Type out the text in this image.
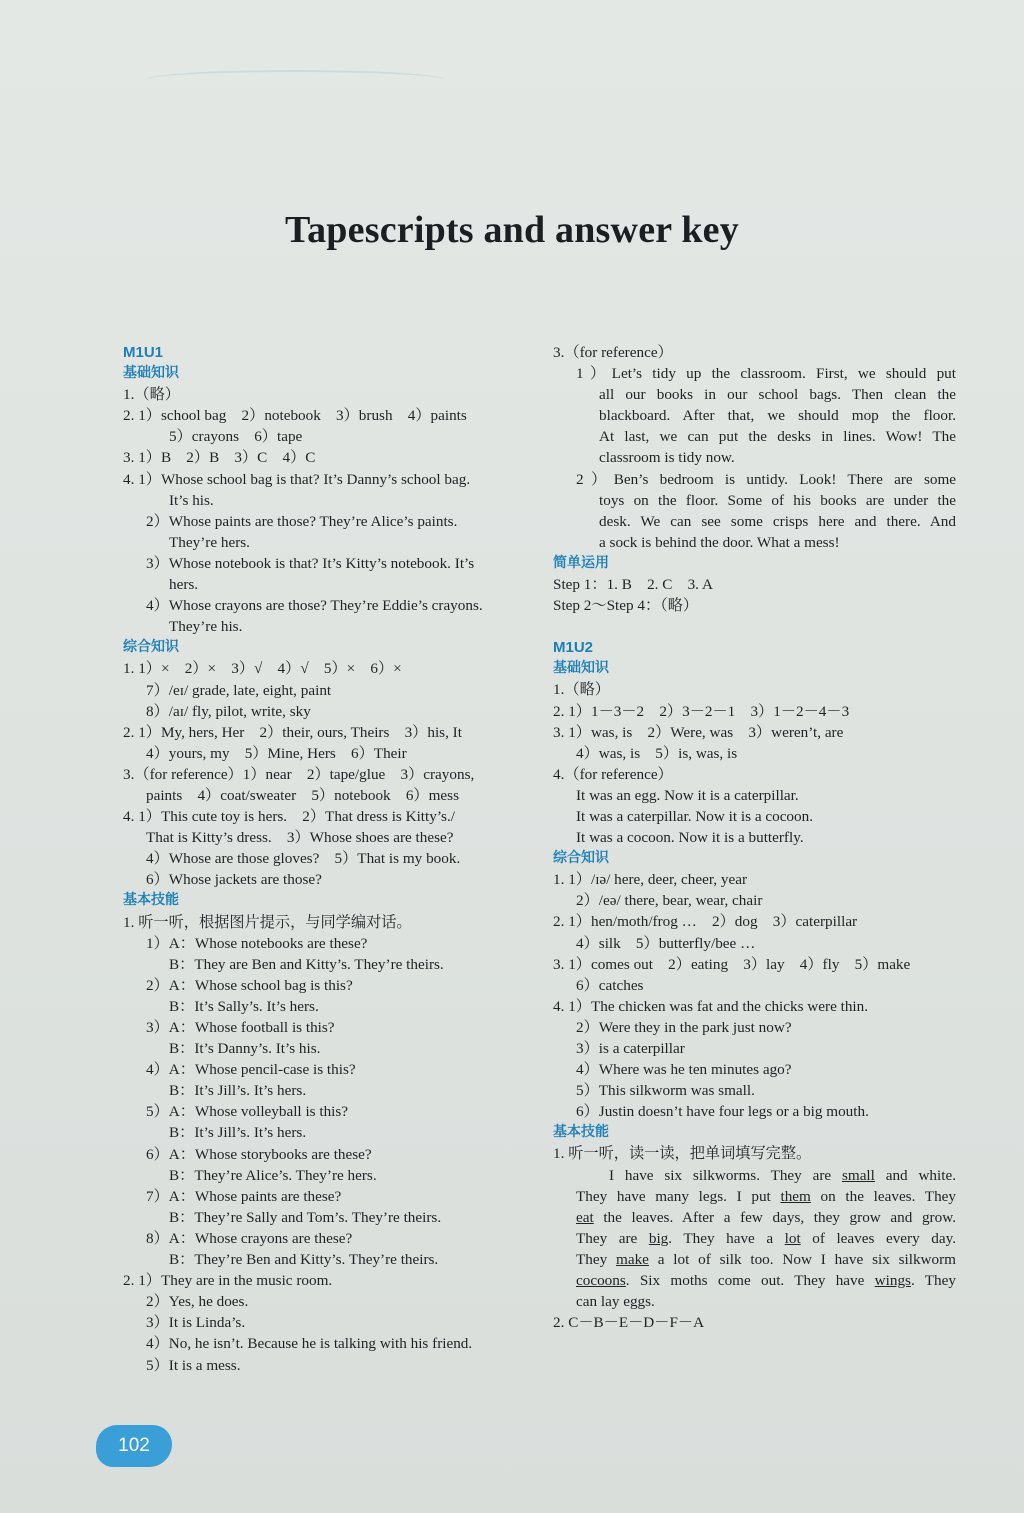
Tapescripts and answer key
M1U1
基础知识
1.（略）
2. 1）school bag　2）notebook　3）brush　4）paints
5）crayons　6）tape
3. 1）B　2）B　3）C　4）C
4. 1）Whose school bag is that? It’s Danny’s school bag.
It’s his.
2）Whose paints are those? They’re Alice’s paints.
They’re hers.
3）Whose notebook is that? It’s Kitty’s notebook. It’s
hers.
4）Whose crayons are those? They’re Eddie’s crayons.
They’re his.
综合知识
1. 1）×　2）×　3）√　4）√　5）×　6）×
7）/eɪ/ grade, late, eight, paint
8）/aɪ/ fly, pilot, write, sky
2. 1）My, hers, Her　2）their, ours, Theirs　3）his, It
4）yours, my　5）Mine, Hers　6）Their
3.（for reference）1）near　2）tape/glue　3）crayons,
paints　4）coat/sweater　5）notebook　6）mess
4. 1）This cute toy is hers.　2）That dress is Kitty’s./
That is Kitty’s dress.　3）Whose shoes are these?
4）Whose are those gloves?　5）That is my book.
6）Whose jackets are those?
基本技能
1. 听一听，根据图片提示，与同学编对话。
1）A：Whose notebooks are these?
B：They are Ben and Kitty’s. They’re theirs.
2）A：Whose school bag is this?
B：It’s Sally’s. It’s hers.
3）A：Whose football is this?
B：It’s Danny’s. It’s his.
4）A：Whose pencil-case is this?
B：It’s Jill’s. It’s hers.
5）A：Whose volleyball is this?
B：It’s Jill’s. It’s hers.
6）A：Whose storybooks are these?
B：They’re Alice’s. They’re hers.
7）A：Whose paints are these?
B：They’re Sally and Tom’s. They’re theirs.
8）A：Whose crayons are these?
B：They’re Ben and Kitty’s. They’re theirs.
2. 1）They are in the music room.
2）Yes, he does.
3）It is Linda’s.
4）No, he isn’t. Because he is talking with his friend.
5）It is a mess.
3.（for reference）
1）Let’s tidy up the classroom. First, we should put
all our books in our school bags. Then clean the
blackboard. After that, we should mop the floor.
At last, we can put the desks in lines. Wow! The
classroom is tidy now.
2）Ben’s bedroom is untidy. Look! There are some
toys on the floor. Some of his books are under the
desk. We can see some crisps here and there. And
a sock is behind the door. What a mess!
简单运用
Step 1：1. B　2. C　3. A
Step 2～Step 4：（略）
M1U2
基础知识
1.（略）
2. 1）1－3－2　2）3－2－1　3）1－2－4－3
3. 1）was, is　2）Were, was　3）weren’t, are
4）was, is　5）is, was, is
4.（for reference）
It was an egg. Now it is a caterpillar.
It was a caterpillar. Now it is a cocoon.
It was a cocoon. Now it is a butterfly.
综合知识
1. 1）/ɪə/ here, deer, cheer, year
2）/eə/ there, bear, wear, chair
2. 1）hen/moth/frog …　2）dog　3）caterpillar
4）silk　5）butterfly/bee …
3. 1）comes out　2）eating　3）lay　4）fly　5）make
6）catches
4. 1）The chicken was fat and the chicks were thin.
2）Were they in the park just now?
3）is a caterpillar
4）Where was he ten minutes ago?
5）This silkworm was small.
6）Justin doesn’t have four legs or a big mouth.
基本技能
1. 听一听，读一读，把单词填写完整。
I have six silkworms. They are small and white.
They have many legs. I put them on the leaves. They
eat the leaves. After a few days, they grow and grow.
They are big. They have a lot of leaves every day.
They make a lot of silk too. Now I have six silkworm
cocoons. Six moths come out. They have wings. They
can lay eggs.
2. C－B－E－D－F－A
102
